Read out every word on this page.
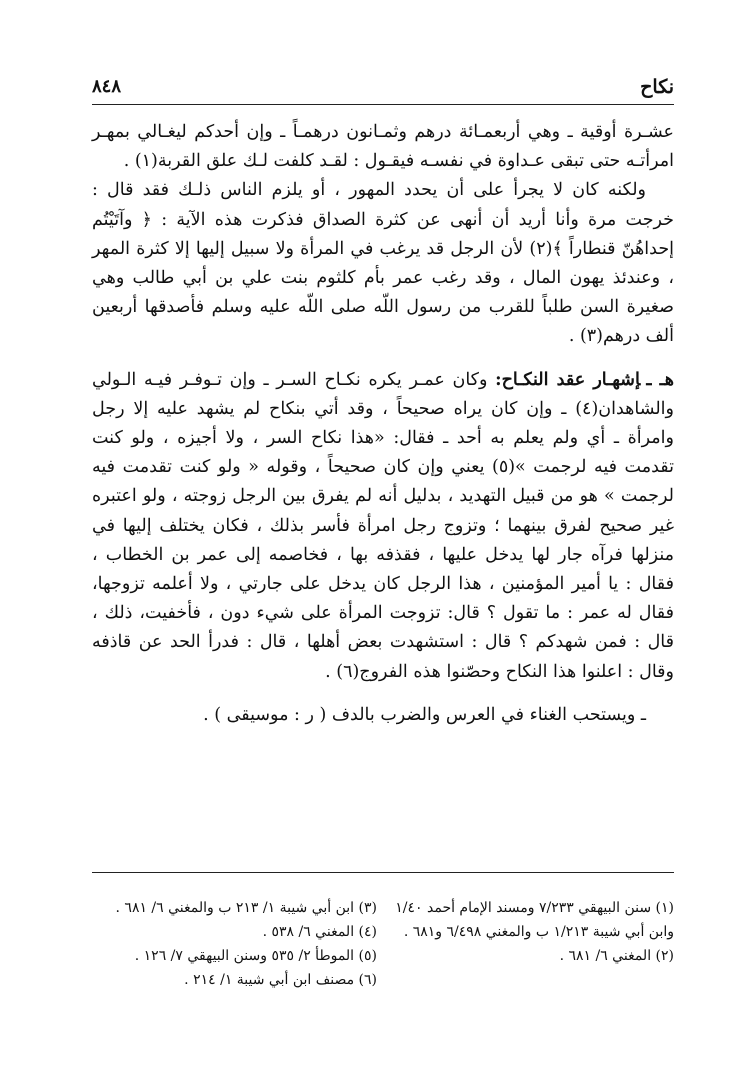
نكاح
٨٤٨

عشـرة أوقية ـ وهي أربعمـائة درهم وثمـانون درهمـاً ـ وإن أحدكم ليغـالي بمهـر امرأتـه حتى تبقى عـداوة في نفسـه فيقـول : لقـد كلفت لـك علق القربة(١) .

ولكنه كان لا يجرأ على أن يحدد المهور ، أو يلزم الناس ذلـك فقد قال : خرجت مرة وأنا أريد أن أنهى عن كثرة الصداق فذكرت هذه الآية : ﴿ وآتَيْتُم إحداهُنّ قنطاراً ﴾(٢) لأن الرجل قد يرغب في المرأة ولا سبيل إليها إلا كثرة المهر ، وعندئذ يهون المال ، وقد رغب عمر بأم كلثوم بنت علي بن أبي طالب وهي صغيرة السن طلباً للقرب من رسول اللّه صلى اللّه عليه وسلم فأصدقها أربعين ألف درهم(٣) .

هـ ـإشهـار عقد النكـاح: وكان عمـر يكره نكـاح السـر ـ وإن تـوفـر فيـه الـولي والشاهدان(٤) ـ وإن كان يراه صحيحاً ، وقد أتي بنكاح لم يشهد عليه إلا رجل وامرأة ـ أي ولم يعلم به أحد ـ فقال: «هذا نكاح السر ، ولا أجيزه ، ولو كنت تقدمت فيه لرجمت »(٥) يعني وإن كان صحيحاً ، وقوله « ولو كنت تقدمت فيه لرجمت » هو من قبيل التهديد ، بدليل أنه لم يفرق بين الرجل زوجته ، ولو اعتبره غير صحيح لفرق بينهما ؛ وتزوج رجل امرأة فأسر بذلك ، فكان يختلف إليها في منزلها فرآه جار لها يدخل عليها ، فقذفه بها ، فخاصمه إلى عمر بن الخطاب ، فقال : يا أمير المؤمنين ، هذا الرجل كان يدخل على جارتي ، ولا أعلمه تزوجها، فقال له عمر : ما تقول ؟ قال: تزوجت المرأة على شيء دون ، فأخفيت، ذلك ، قال : فمن شهدكم ؟ قال : استشهدت بعض أهلها ، قال : فدرأ الحد عن قاذفه وقال : اعلنوا هذا النكاح وحصّنوا هذه الفروج(٦) .

ـ ويستحب الغناء في العرس والضرب بالدف ( ر : موسيقى ) .

(١) سنن البيهقي ٧/٢٣٣ ومسند الإمام أحمد ١/٤٠ وابن أبي شيبة ١/٢١٣ ب والمغني ٦/٤٩٨ و٦٨١ .

(٢) المغني ٦/ ٦٨١ .

(٣) ابن أبي شيبة ١/ ٢١٣ ب والمغني ٦/ ٦٨١ .

(٤) المغني ٦/ ٥٣٨ .

(٥) الموطأ ٢/ ٥٣٥ وسنن البيهقي ٧/ ١٢٦ .

(٦) مصنف ابن أبي شيبة ١/ ٢١٤ .
